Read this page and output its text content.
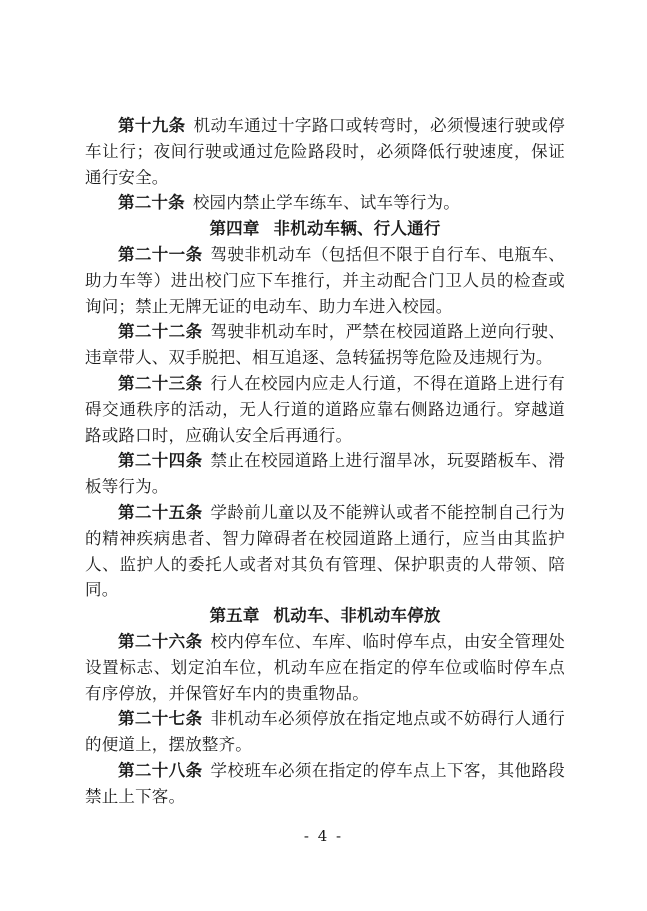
第十九条 机动车通过十字路口或转弯时，必须慢速行驶或停车让行；夜间行驶或通过危险路段时，必须降低行驶速度，保证通行安全。

第二十条 校园内禁止学车练车、试车等行为。

第四章 非机动车辆、行人通行

第二十一条 驾驶非机动车（包括但不限于自行车、电瓶车、助力车等）进出校门应下车推行，并主动配合门卫人员的检查或询问；禁止无牌无证的电动车、助力车进入校园。

第二十二条 驾驶非机动车时，严禁在校园道路上逆向行驶、违章带人、双手脱把、相互追逐、急转猛拐等危险及违规行为。

第二十三条 行人在校园内应走人行道，不得在道路上进行有碍交通秩序的活动，无人行道的道路应靠右侧路边通行。穿越道路或路口时，应确认安全后再通行。

第二十四条 禁止在校园道路上进行溜旱冰，玩耍踏板车、滑板等行为。

第二十五条 学龄前儿童以及不能辨认或者不能控制自己行为的精神疾病患者、智力障碍者在校园道路上通行，应当由其监护人、监护人的委托人或者对其负有管理、保护职责的人带领、陪同。

第五章 机动车、非机动车停放

第二十六条 校内停车位、车库、临时停车点，由安全管理处设置标志、划定泊车位，机动车应在指定的停车位或临时停车点有序停放，并保管好车内的贵重物品。

第二十七条 非机动车必须停放在指定地点或不妨碍行人通行的便道上，摆放整齐。

第二十八条 学校班车必须在指定的停车点上下客，其他路段禁止上下客。

- 4 -
